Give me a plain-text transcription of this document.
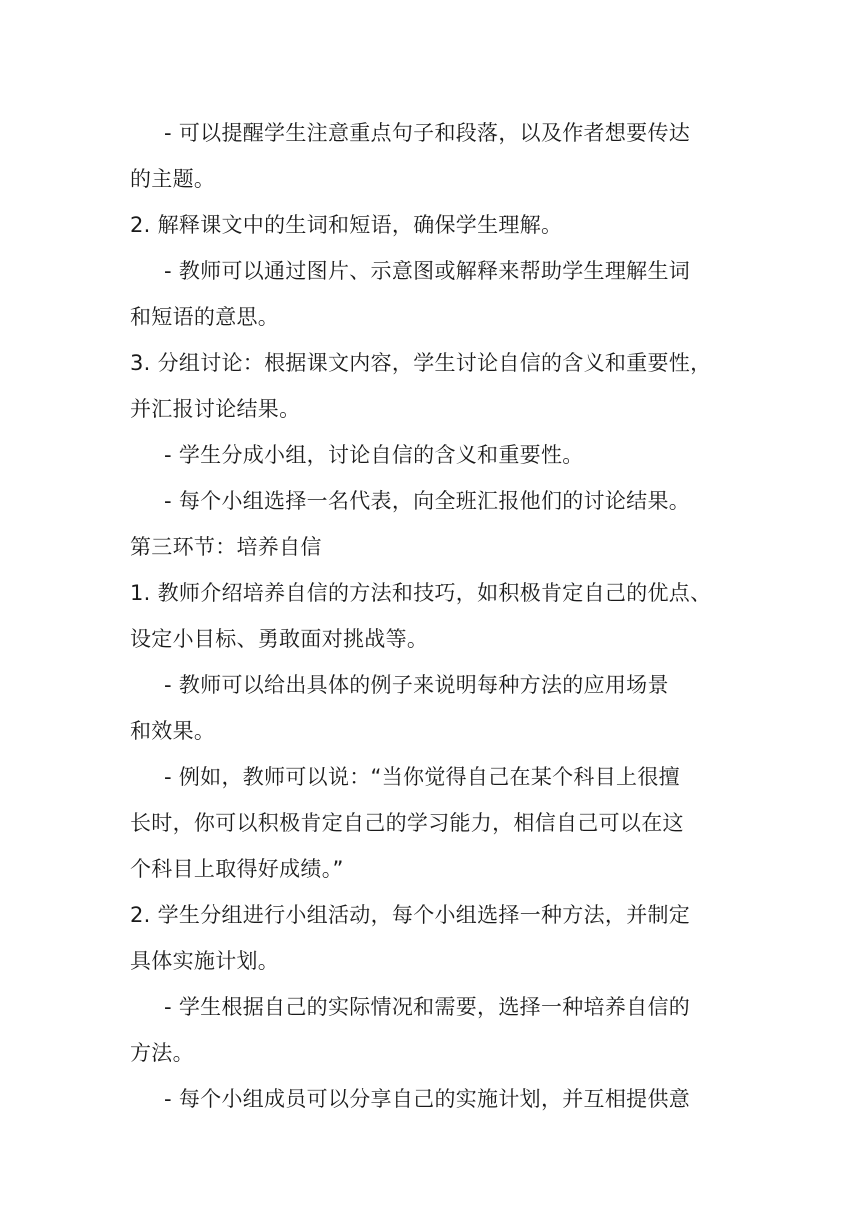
- 可以提醒学生注意重点句子和段落，以及作者想要传达
的主题。
2. 解释课文中的生词和短语，确保学生理解。
- 教师可以通过图片、示意图或解释来帮助学生理解生词
和短语的意思。
3. 分组讨论：根据课文内容，学生讨论自信的含义和重要性，
并汇报讨论结果。
- 学生分成小组，讨论自信的含义和重要性。
- 每个小组选择一名代表，向全班汇报他们的讨论结果。
第三环节：培养自信
1. 教师介绍培养自信的方法和技巧，如积极肯定自己的优点、
设定小目标、勇敢面对挑战等。
- 教师可以给出具体的例子来说明每种方法的应用场景
和效果。
- 例如，教师可以说：“当你觉得自己在某个科目上很擅
长时，你可以积极肯定自己的学习能力，相信自己可以在这
个科目上取得好成绩。”
2. 学生分组进行小组活动，每个小组选择一种方法，并制定
具体实施计划。
- 学生根据自己的实际情况和需要，选择一种培养自信的
方法。
- 每个小组成员可以分享自己的实施计划，并互相提供意
